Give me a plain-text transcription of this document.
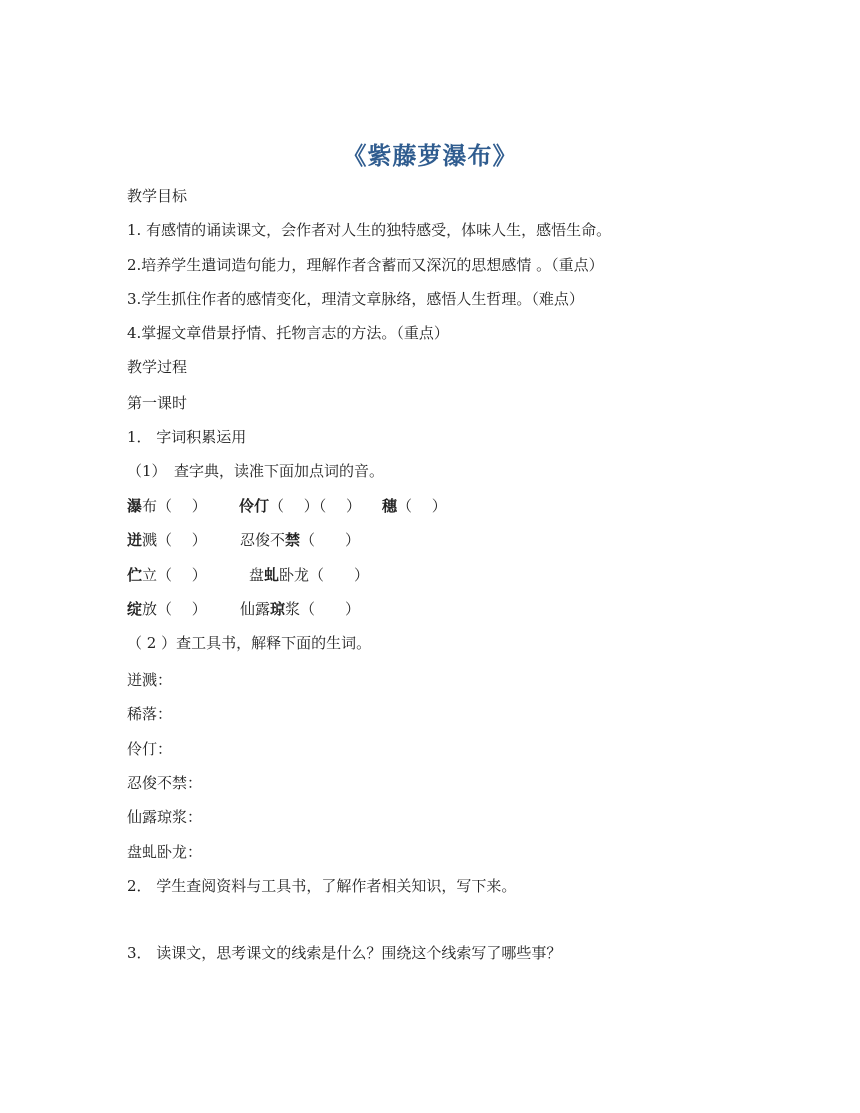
《紫藤萝瀑布》
教学目标
1. 有感情的诵读课文，会作者对人生的独特感受，体味人生，感悟生命。
2.培养学生遣词造句能力，理解作者含蓄而又深沉的思想感情 。（重点）
3.学生抓住作者的感情变化，理清文章脉络，感悟人生哲理。（难点）
4.掌握文章借景抒情、托物言志的方法。（重点）
教学过程
第一课时
1． 字词积累运用
（1）　查字典，读准下面加点词的音。
瀑布（　 ） 伶仃（　 ）（　 ） 穗（　 ）
迸溅（　 ） 忍俊不禁（　　）
伫立（　 ）	盘虬卧龙（　　）
绽放（　 ） 仙露琼浆（　　）
（ 2 ）查工具书，解释下面的生词。
迸溅：
稀落：
伶仃：
忍俊不禁：
仙露琼浆：
盘虬卧龙：
2． 学生查阅资料与工具书，了解作者相关知识，写下来。
3． 读课文，思考课文的线索是什么？围绕这个线索写了哪些事？
